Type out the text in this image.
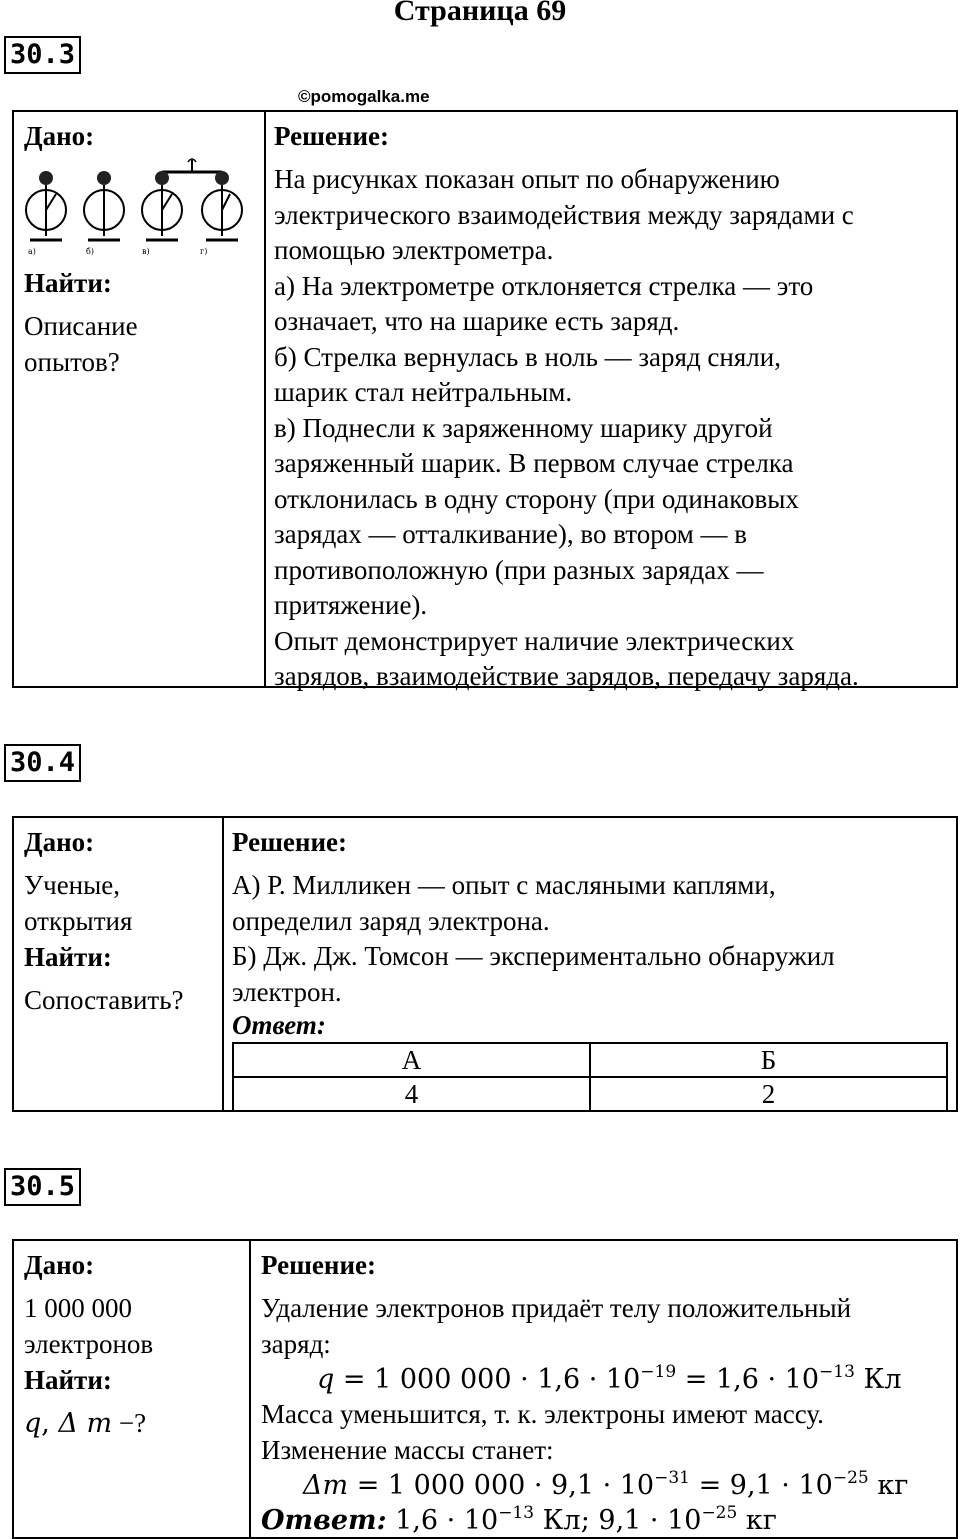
Страница 69
30.3
©pomogalka.me
Дано:
а)	б)	в)	г)
Найти:
Описание опытов?
Решение:
На рисунках показан опыт по обнаружению
электрического взаимодействия между зарядами с
помощью электрометра.
а) На электрометре отклоняется стрелка — это
означает, что на шарике есть заряд.
б) Стрелка вернулась в ноль — заряд сняли,
шарик стал нейтральным.
в) Поднесли к заряженному шарику другой
заряженный шарик. В первом случае стрелка
отклонилась в одну сторону (при одинаковых
зарядах — отталкивание), во втором — в
противоположную (при разных зарядах —
притяжение).
Опыт демонстрирует наличие электрических
зарядов, взаимодействие зарядов, передачу заряда.
30.4
Дано:
Ученые,
открытия
Найти:
Сопоставить?
Решение:
А) Р. Милликен — опыт с масляными каплями,
определил заряд электрона.
Б) Дж. Дж. Томсон — экспериментально обнаружил
электрон.
Ответ:
А	Б
4	2
30.5
Дано:
1 000 000
электронов
Найти:
q, Δ m −?
Решение:
Удаление электронов придаёт телу положительный
заряд:
q = 1 000 $000 \cdot 1,6 \cdot 10^{-19} = 1,6 \cdot 10^{-13}$ Кл
Масса уменьшится, т. к. электроны имеют массу.
Изменение массы станет:
Δm = 1 000 $000 \cdot 9,1 \cdot 10^{-31} = 9,1 \cdot 10^{-25}$ кг
Ответ: $1,6 \cdot 10^{-13}$ Кл; $9,1 \cdot 10^{-25}$ кг
